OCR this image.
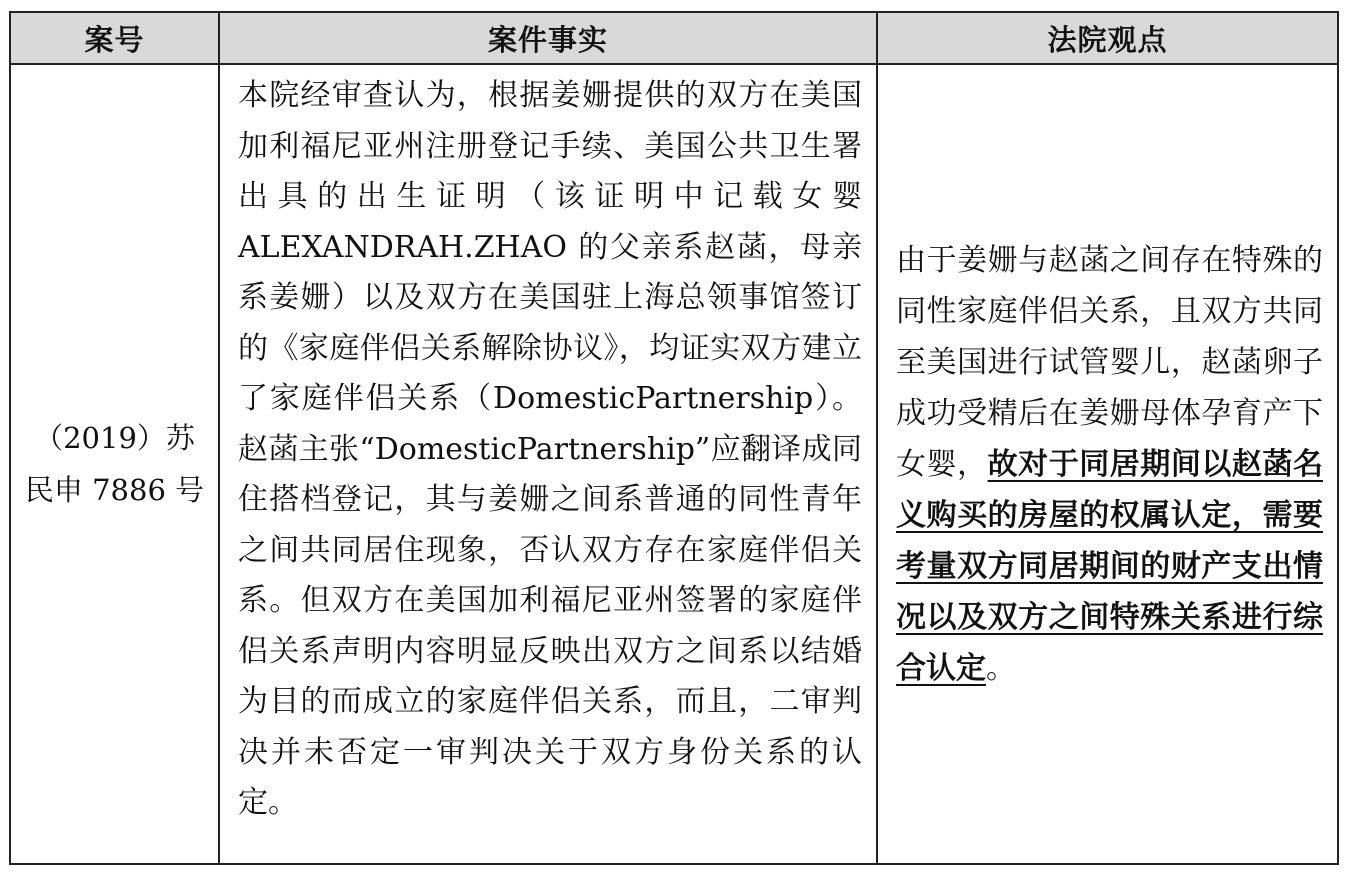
案号	案件事实	法院观点
（2019）苏民申 7886 号	本院经审查认为，根据姜姗提供的双方在美国加利福尼亚州注册登记手续、美国公共卫生署出具的出生证明（该证明中记载女婴 ALEXANDRAH.ZHAO 的父亲系赵菡，母亲系姜姗）以及双方在美国驻上海总领事馆签订的《家庭伴侣关系解除协议》，均证实双方建立了家庭伴侣关系（DomesticPartnership）。赵菡主张“DomesticPartnership”应翻译成同住搭档登记，其与姜姗之间系普通的同性青年之间共同居住现象，否认双方存在家庭伴侣关系。但双方在美国加利福尼亚州签署的家庭伴侣关系声明内容明显反映出双方之间系以结婚为目的而成立的家庭伴侣关系，而且，二审判决并未否定一审判决关于双方身份关系的认定。	由于姜姗与赵菡之间存在特殊的同性家庭伴侣关系，且双方共同至美国进行试管婴儿，赵菡卵子成功受精后在姜姗母体孕育产下女婴，故对于同居期间以赵菡名义购买的房屋的权属认定，需要考量双方同居期间的财产支出情况以及双方之间特殊关系进行综合认定。
